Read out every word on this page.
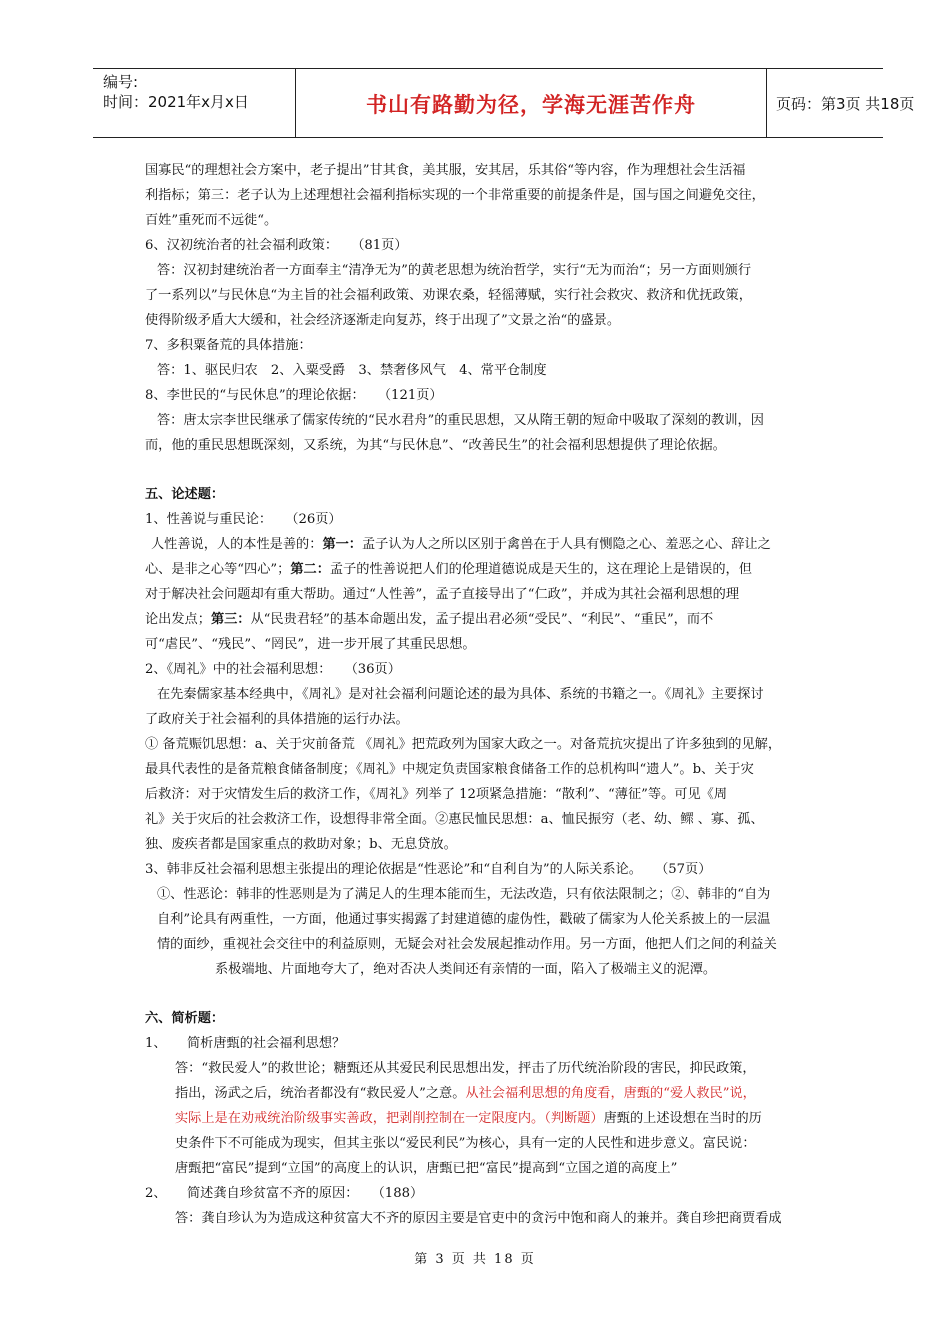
编号:
时间：2021年x月x日	书山有路勤为径，学海无涯苦作舟	页码：第3页 共18页

国寡民“的理想社会方案中，老子提出”甘其食，美其服，安其居，乐其俗“等内容，作为理想社会生活福

利指标；第三：老子认为上述理想社会福利指标实现的一个非常重要的前提条件是，国与国之间避免交往，

百姓”重死而不远徙“。

6、汉初统治者的社会福利政策：　　（81页）

答：汉初封建统治者一方面奉主“清净无为”的黄老思想为统治哲学，实行“无为而治“；另一方面则颁行

了一系列以”与民休息“为主旨的社会福利政策、劝课农桑，轻徭薄赋，实行社会救灾、救济和优抚政策，

使得阶级矛盾大大缓和，社会经济逐渐走向复苏，终于出现了”文景之治“的盛景。

7、多积粟备荒的具体措施：

答：1、驱民归农　2、入粟受爵　3、禁奢侈风气　4、常平仓制度

8、李世民的“与民休息”的理论依据：　　（121页）

答：唐太宗李世民继承了儒家传统的“民水君舟”的重民思想，又从隋王朝的短命中吸取了深刻的教训，因

而，他的重民思想既深刻，又系统，为其“与民休息”、“改善民生”的社会福利思想提供了理论依据。

五、论述题：

1、性善说与重民论：　　（26页）

人性善说，人的本性是善的：第一：孟子认为人之所以区别于禽兽在于人具有恻隐之心、羞恶之心、辞让之

心、是非之心等“四心”；第二：孟子的性善说把人们的伦理道德说成是天生的，这在理论上是错误的，但

对于解决社会问题却有重大帮助。通过“人性善”，孟子直接导出了“仁政”，并成为其社会福利思想的理

论出发点；第三：从“民贵君轻”的基本命题出发，孟子提出君必须“受民”、“利民”、“重民”，而不

可“虐民”、“残民”、“罔民”，进一步开展了其重民思想。

2、《周礼》中的社会福利思想：　　（36页）

在先秦儒家基本经典中，《周礼》是对社会福利问题论述的最为具体、系统的书籍之一。《周礼》主要探讨

了政府关于社会福利的具体措施的运行办法。

① 备荒赈饥思想：a、关于灾前备荒 《周礼》把荒政列为国家大政之一。对备荒抗灾提出了许多独到的见解，

最具代表性的是备荒粮食储备制度；《周礼》中规定负责国家粮食储备工作的总机构叫“遗人”。b、关于灾

后救济：对于灾情发生后的救济工作，《周礼》列举了 12项紧急措施：“散利”、“薄征”等。可见《周

礼》关于灾后的社会救济工作，设想得非常全面。②惠民恤民思想：a、恤民振穷（老、幼、鳏 、寡、孤、

独、废疾者都是国家重点的救助对象；b、无息贷放。

3、韩非反社会福利思想主张提出的理论依据是“性恶论”和“自利自为”的人际关系论。　　（57页）

①、性恶论：韩非的性恶则是为了满足人的生理本能而生，无法改造，只有依法限制之；②、韩非的“自为

自利”论具有两重性，一方面，他通过事实揭露了封建道德的虚伪性，戳破了儒家为人伦关系披上的一层温

情的面纱，重视社会交往中的利益原则，无疑会对社会发展起推动作用。另一方面，他把人们之间的利益关

系极端地、片面地夸大了，绝对否决人类间还有亲情的一面，陷入了极端主义的泥潭。

六、简析题：

1、 简析唐甄的社会福利思想？

答：“救民爱人”的救世论；糖甄还从其爱民利民思想出发，抨击了历代统治阶段的害民，抑民政策，

指出，汤武之后，统治者都没有“救民爱人”之意。从社会福利思想的角度看，唐甄的“爱人救民”说，

实际上是在劝戒统治阶级事实善政，把剥削控制在一定限度内。（判断题）唐甄的上述设想在当时的历

史条件下不可能成为现实，但其主张以“爱民利民”为核心，具有一定的人民性和进步意义。富民说：

唐甄把“富民”提到“立国”的高度上的认识，唐甄已把“富民”提高到“立国之道的高度上”

2、 简述龚自珍贫富不齐的原因：　　（188）

答：龚自珍认为为造成这种贫富大不齐的原因主要是官吏中的贪污中饱和商人的兼并。龚自珍把商贾看成

第 3 页 共 18 页
